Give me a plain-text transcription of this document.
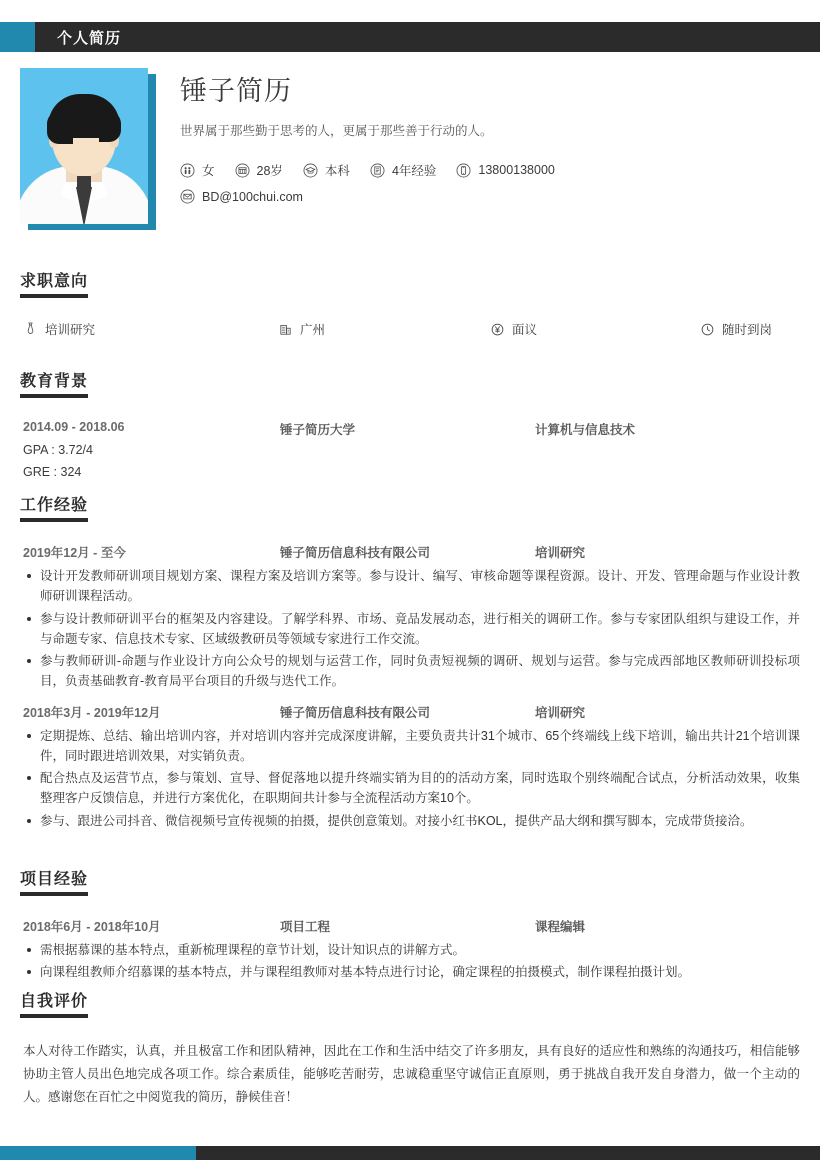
个人简历
锤子简历
世界属于那些勤于思考的人，更属于那些善于行动的人。
女	28岁	本科	4年经验	13800138000
BD@100chui.com
求职意向
培训研究	广州	面议	随时到岗
教育背景
2014.09 - 2018.06	锤子简历大学	计算机与信息技术
GPA : 3.72/4
GRE : 324
工作经验
2019年12月 - 至今	锤子简历信息科技有限公司	培训研究
设计开发教师研训项目规划方案、课程方案及培训方案等。参与设计、编写、审核命题等课程资源。设计、开发、管理命题与作业设计教师研训课程活动。
参与设计教师研训平台的框架及内容建设。了解学科界、市场、竟品发展动态，进行相关的调研工作。参与专家团队组织与建设工作，并与命题专家、信息技术专家、区域级教研员等领域专家进行工作交流。
参与教师研训-命题与作业设计方向公众号的规划与运营工作，同时负责短视频的调研、规划与运营。参与完成西部地区教师研训投标项目，负责基础教育-教育局平台项目的升级与迭代工作。
2018年3月 - 2019年12月	锤子简历信息科技有限公司	培训研究
定期提炼、总结、输出培训内容，并对培训内容并完成深度讲解，主要负责共计31个城市、65个终端线上线下培训，输出共计21个培训课件，同时跟进培训效果，对实销负责。
配合热点及运营节点，参与策划、宣导、督促落地以提升终端实销为目的的活动方案，同时选取个别终端配合试点，分析活动效果，收集整理客户反馈信息，并进行方案优化，在职期间共计参与全流程活动方案10个。
参与、跟进公司抖音、微信视频号宣传视频的拍摄，提供创意策划。对接小红书KOL，提供产品大纲和撰写脚本，完成带货接洽。
项目经验
2018年6月 - 2018年10月	项目工程	课程编辑
需根据慕课的基本特点，重新梳理课程的章节计划，设计知识点的讲解方式。
向课程组教师介绍慕课的基本特点，并与课程组教师对基本特点进行讨论，确定课程的拍摄模式，制作课程拍摄计划。
自我评价
本人对待工作踏实，认真，并且极富工作和团队精神，因此在工作和生活中结交了许多朋友，具有良好的适应性和熟练的沟通技巧，相信能够协助主管人员出色地完成各项工作。综合素质佳，能够吃苦耐劳，忠诚稳重坚守诚信正直原则，勇于挑战自我开发自身潜力，做一个主动的人。感谢您在百忙之中阅览我的简历，静候佳音！
